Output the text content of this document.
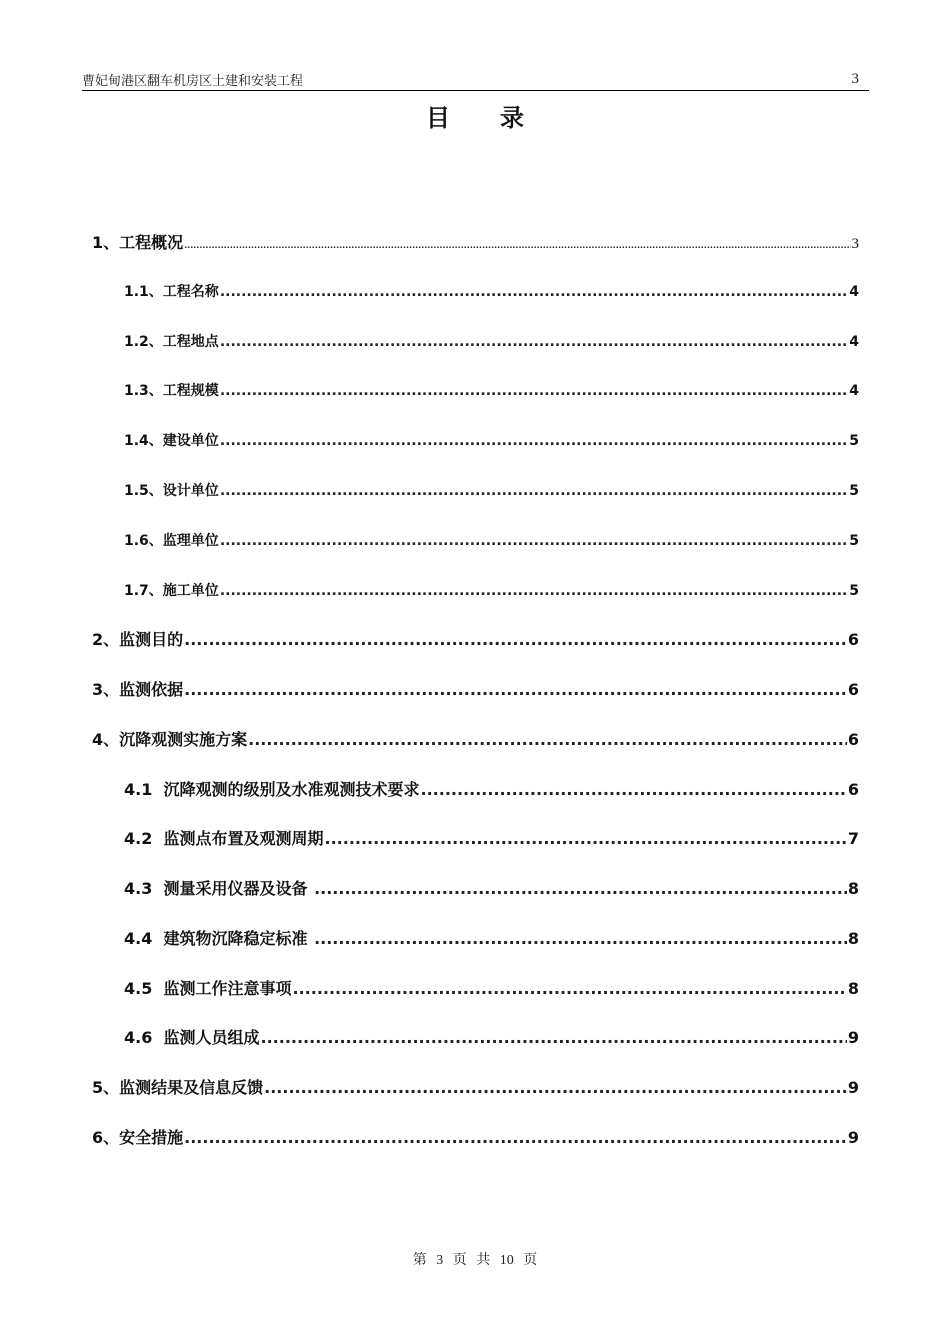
曹妃甸港区翻车机房区土建和安装工程	3
目录
1、工程概况 .....	3
1.1、工程名称 .....	4
1.2、工程地点 .....	4
1.3、工程规模 .....	4
1.4、建设单位 .....	5
1.5、设计单位 .....	5
1.6、监理单位 .....	5
1.7、施工单位 .....	5
2、监测目的 .....	6
3、监测依据 .....	6
4、沉降观测实施方案 .....	6
4.1  沉降观测的级别及水准观测技术要求 .....	6
4.2  监测点布置及观测周期 .....	7
4.3  测量采用仪器及设备 .....	8
4.4  建筑物沉降稳定标准 .....	8
4.5  监测工作注意事项 .....	8
4.6  监测人员组成 .....	9
5、监测结果及信息反馈 .....	9
6、安全措施 .....	9
第 3 页 共 10 页
